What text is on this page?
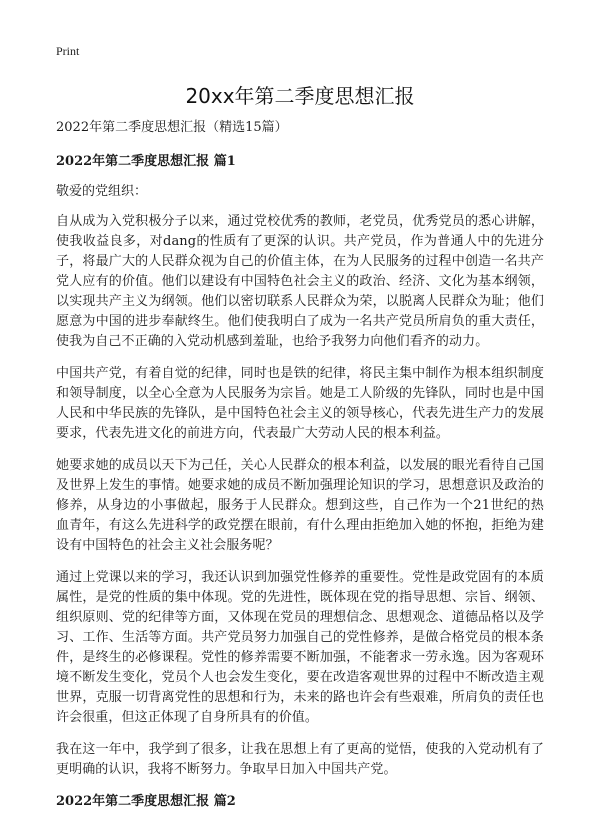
Print
20xx年第二季度思想汇报

2022年第二季度思想汇报（精选15篇）

2022年第二季度思想汇报 篇1

敬爱的党组织：

自从成为入党积极分子以来，通过党校优秀的教师，老党员，优秀党员的悉心讲解，使我收益良多，对dang的性质有了更深的认识。共产党员，作为普通人中的先进分子，将最广大的人民群众视为自己的价值主体，在为人民服务的过程中创造一名共产党人应有的价值。他们以建设有中国特色社会主义的政治、经济、文化为基本纲领，以实现共产主义为纲领。他们以密切联系人民群众为荣，以脱离人民群众为耻；他们愿意为中国的进步奉献终生。他们使我明白了成为一名共产党员所肩负的重大责任，使我为自己不正确的入党动机感到羞耻，也给予我努力向他们看齐的动力。

中国共产党，有着自觉的纪律，同时也是铁的纪律，将民主集中制作为根本组织制度和领导制度，以全心全意为人民服务为宗旨。她是工人阶级的先锋队，同时也是中国人民和中华民族的先锋队，是中国特色社会主义的领导核心，代表先进生产力的发展要求，代表先进文化的前进方向，代表最广大劳动人民的根本利益。

她要求她的成员以天下为己任，关心人民群众的根本利益，以发展的眼光看待自己国及世界上发生的事情。她要求她的成员不断加强理论知识的学习，思想意识及政治的修养，从身边的小事做起，服务于人民群众。想到这些，自己作为一个21世纪的热血青年，有这么先进科学的政党摆在眼前，有什么理由拒绝加入她的怀抱，拒绝为建设有中国特色的社会主义社会服务呢？

通过上党课以来的学习，我还认识到加强党性修养的重要性。党性是政党固有的本质属性，是党的性质的集中体现。党的先进性，既体现在党的指导思想、宗旨、纲领、组织原则、党的纪律等方面，又体现在党员的理想信念、思想观念、道德品格以及学习、工作、生活等方面。共产党员努力加强自己的党性修养，是做合格党员的根本条件，是终生的必修课程。党性的修养需要不断加强，不能奢求一劳永逸。因为客观环境不断发生变化，党员个人也会发生变化，要在改造客观世界的过程中不断改造主观世界，克服一切背离党性的思想和行为，未来的路也许会有些艰难，所肩负的责任也许会很重，但这正体现了自身所具有的价值。

我在这一年中，我学到了很多，让我在思想上有了更高的觉悟，使我的入党动机有了更明确的认识，我将不断努力。争取早日加入中国共产党。

2022年第二季度思想汇报 篇2
